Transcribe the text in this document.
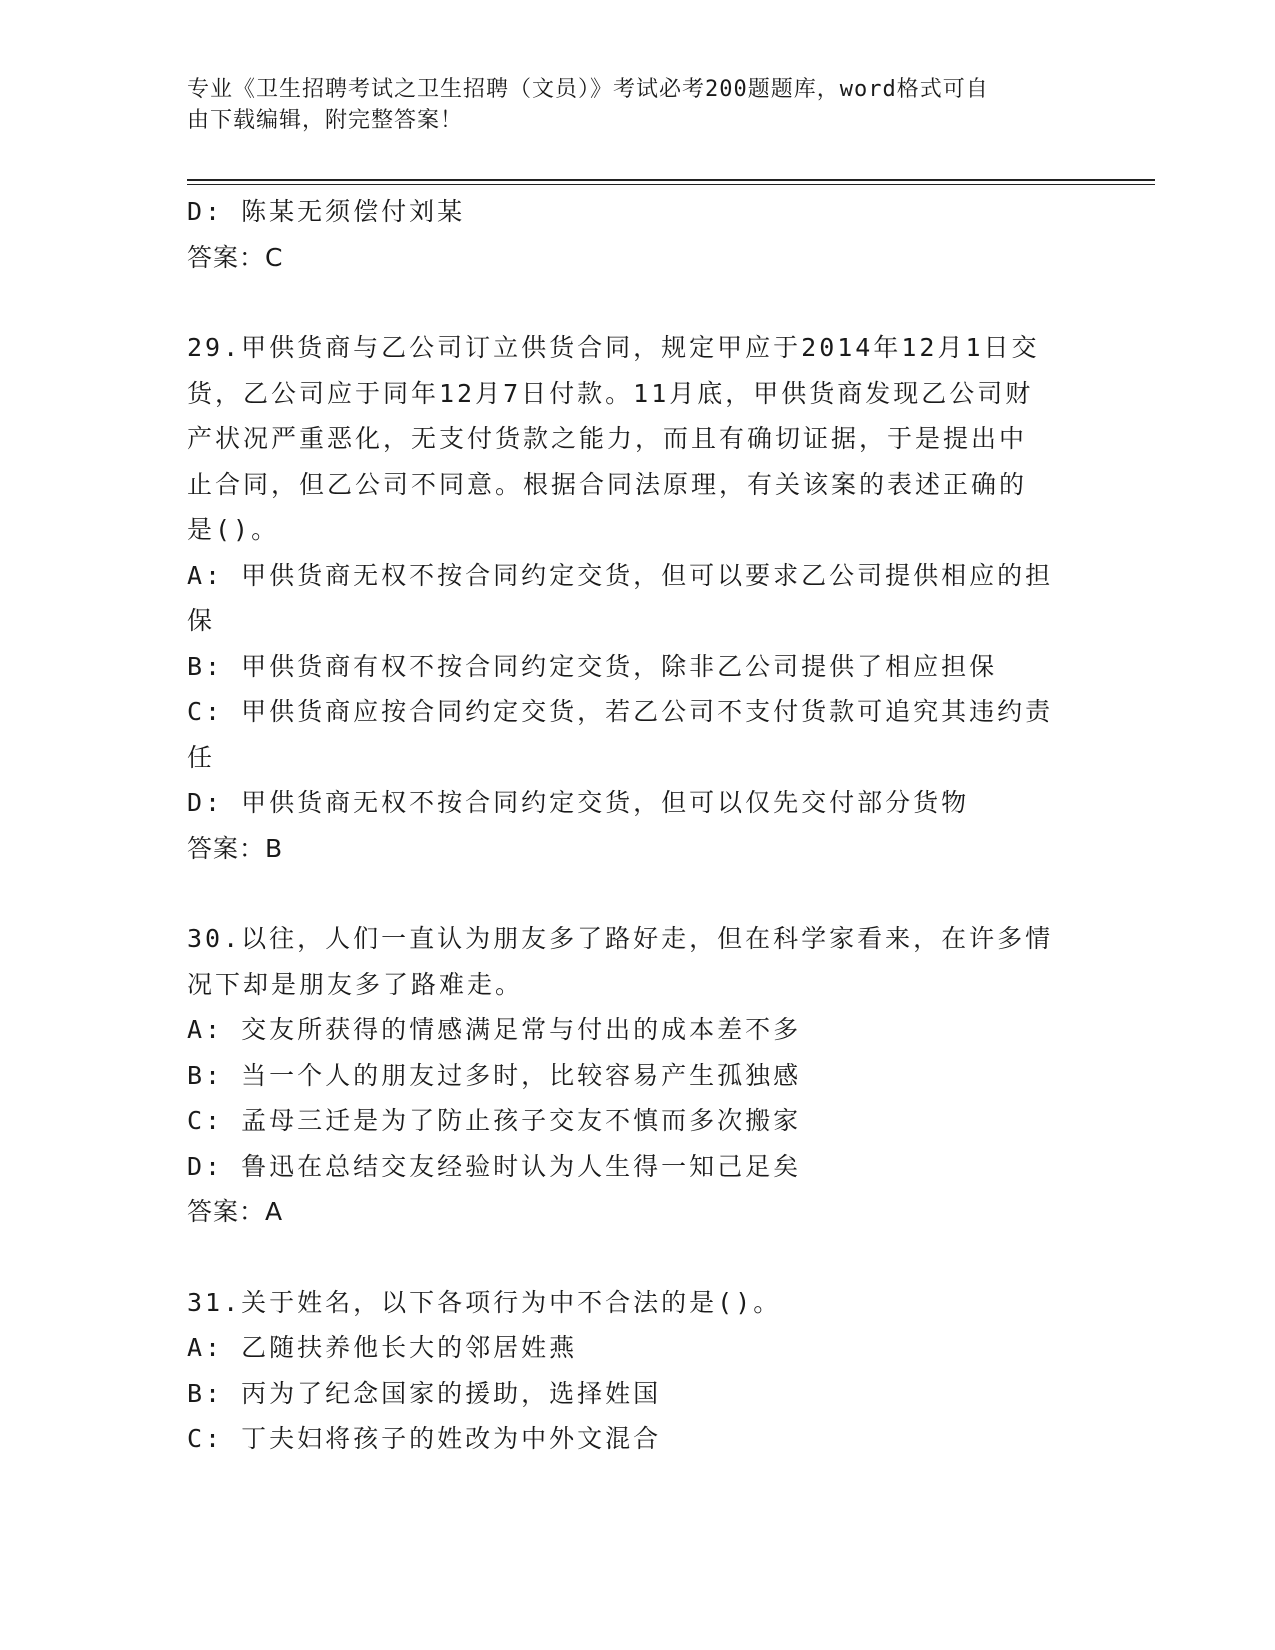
专业《卫生招聘考试之卫生招聘（文员）》考试必考200题题库，word格式可自
由下载编辑，附完整答案！
D: 陈某无须偿付刘某
答案：C
29.甲供货商与乙公司订立供货合同，规定甲应于2014年12月1日交
货，乙公司应于同年12月7日付款。11月底，甲供货商发现乙公司财
产状况严重恶化，无支付货款之能力，而且有确切证据，于是提出中
止合同，但乙公司不同意。根据合同法原理，有关该案的表述正确的
是()。
A: 甲供货商无权不按合同约定交货，但可以要求乙公司提供相应的担
保
B: 甲供货商有权不按合同约定交货，除非乙公司提供了相应担保
C: 甲供货商应按合同约定交货，若乙公司不支付货款可追究其违约责
任
D: 甲供货商无权不按合同约定交货，但可以仅先交付部分货物
答案：B
30.以往，人们一直认为朋友多了路好走，但在科学家看来，在许多情
况下却是朋友多了路难走。
A: 交友所获得的情感满足常与付出的成本差不多
B: 当一个人的朋友过多时，比较容易产生孤独感
C: 孟母三迁是为了防止孩子交友不慎而多次搬家
D: 鲁迅在总结交友经验时认为人生得一知己足矣
答案：A
31.关于姓名，以下各项行为中不合法的是()。
A: 乙随扶养他长大的邻居姓燕
B: 丙为了纪念国家的援助，选择姓国
C: 丁夫妇将孩子的姓改为中外文混合
